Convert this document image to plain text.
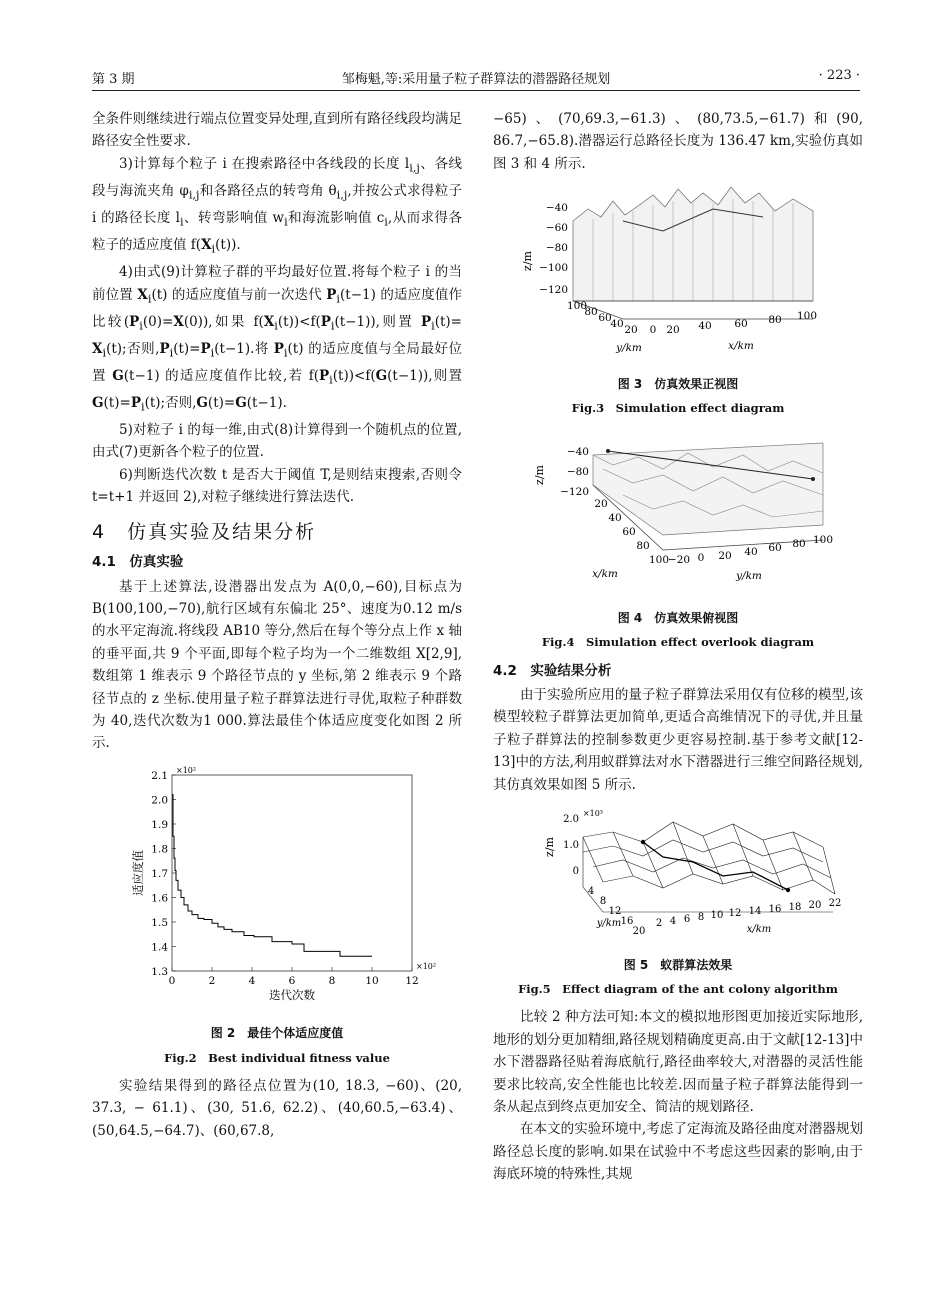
第 3 期	邹梅魁,等:采用量子粒子群算法的潜器路径规划	· 223 ·

全条件则继续进行端点位置变异处理,直到所有路径线段均满足路径安全性要求.

3)计算每个粒子 i 在搜索路径中各线段的长度 $l_{i,j}$、各线段与海流夹角 $\varphi_{i,j}$和各路径点的转弯角 $\theta_{i,j}$,并按公式求得粒子 i 的路径长度 $l_i$、转弯影响值 $w_i$和海流影响值 $c_i$,从而求得各粒子的适应度值 $f(X_i(t))$.

4)由式(9)计算粒子群的平均最好位置.将每个粒子 i 的当前位置 $X_i(t)$ 的适应度值与前一次迭代 $P_i(t-1)$ 的适应度值作比较$(P_i(0)=X(0))$,如果 $f(X_i(t))<f(P_i(t-1))$,则置 $P_i(t)= X_i(t)$;否则$,P_i(t)=P_i(t-1)$.将 $P_i(t)$ 的适应度值与全局最好位置 G(t−1) 的适应度值作比较,若 $f(P_i(t))<f(G(t-1))$,则置 $G(t)=P_i(t)$;否则,G(t)=G(t−1).

5)对粒子 i 的每一维,由式(8)计算得到一个随机点的位置,由式(7)更新各个粒子的位置.

6)判断迭代次数 t 是否大于阈值 T,是则结束搜索,否则令 t=t+1 并返回 2),对粒子继续进行算法迭代.

4　仿真实验及结果分析
4.1　仿真实验

基于上述算法,设潜器出发点为 A(0,0,−60),目标点为 B(100,100,−70),航行区域有东偏北 25°、速度为0.12 m/s的水平定海流.将线段 AB10 等分,然后在每个等分点上作 x 轴的垂平面,共 9 个平面,即每个粒子均为一个二维数组 X[2,9],数组第 1 维表示 9 个路径节点的 y 坐标,第 2 维表示 9 个路径节点的 z 坐标.使用量子粒子群算法进行寻优,取粒子种群数为 40,迭代次数为1 000.算法最佳个体适应度变化如图 2 所示.

1.3
1.4
1.5
1.6
1.7
1.8
1.9
2.0
2.1
0	2	4	6	8	10	12
×10²
×10²
迭代次数
适应度值
图 2　最佳个体适应度值
Fig.2　Best individual fitness value

实验结果得到的路径点位置为(10, 18.3, −60)、(20, 37.3, − 61.1)、(30, 51.6, 62.2)、(40,60.5,−63.4)、(50,64.5,−64.7)、(60,67.8,

−65)、(70,69.3,−61.3)、(80,73.5,−61.7)和(90, 86.7,−65.8).潜器运行总路径长度为 136.47 km,实验仿真如图 3 和 4 所示.

z/m
−40
−60
−80
−100
−120
100
80 60
40 20 0 20 40 60 80 100
y/km	x/km
图 3　仿真效果正视图
Fig.3　Simulation effect diagram
z/m
−40
−80
−120
20
40
60
80
100
−20 0 20 40 60 80 100
x/km	y/km
图 4　仿真效果俯视图
Fig.4　Simulation effect overlook diagram
4.2　实验结果分析

由于实验所应用的量子粒子群算法采用仅有位移的模型,该模型较粒子群算法更加简单,更适合高维情况下的寻优,并且量子粒子群算法的控制参数更少更容易控制.基于参考文献[12-13]中的方法,利用蚁群算法对水下潜器进行三维空间路径规划,其仿真效果如图 5 所示.

z/m
2.0
1.0
0
×10³
4
8
12
16
20
2 4 6 8 10 12 14 16 18 20 22
y/km
x/km
图 5　蚁群算法效果
Fig.5　Effect diagram of the ant colony algorithm

比较 2 种方法可知:本文的模拟地形图更加接近实际地形,地形的划分更加精细,路径规划精确度更高.由于文献[12-13]中水下潜器路径贴着海底航行,路径曲率较大,对潜器的灵活性能要求比较高,安全性能也比较差.因而量子粒子群算法能得到一条从起点到终点更加安全、简洁的规划路径.

在本文的实验环境中,考虑了定海流及路径曲度对潜器规划路径总长度的影响.如果在试验中不考虑这些因素的影响,由于海底环境的特殊性,其规
